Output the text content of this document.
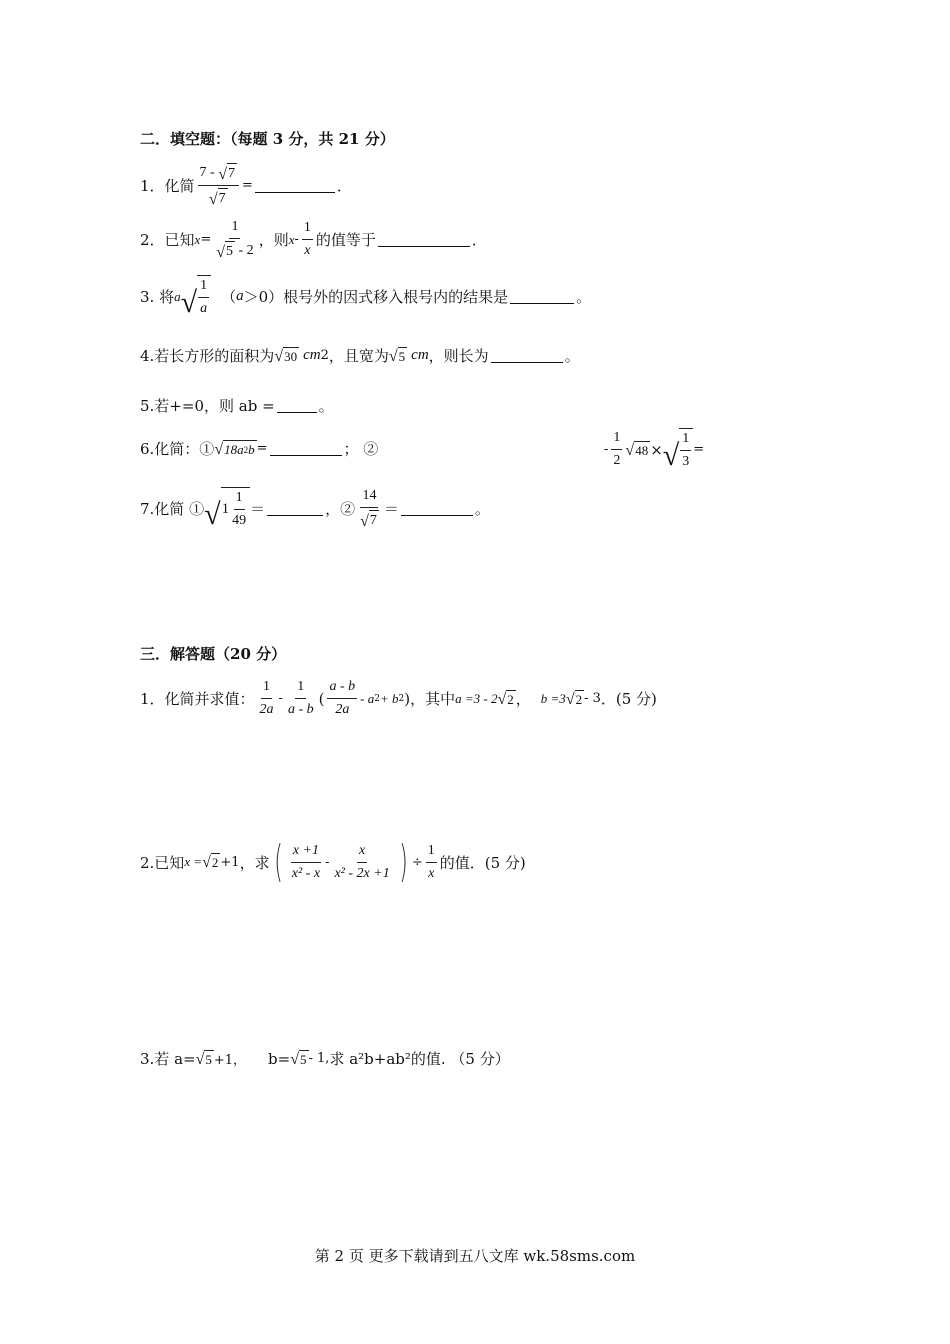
二．填空题：（每题 3 分，共 21 分）
1．化简 $\frac{7 - √ 7}{√ 7}$ =	．
2．已知 $x = \frac{1}{√ 5 - 2}$ ，则 x - $\frac{1}{x}$ 的值等于	．
3. 将 a √ $\frac{1}{a}$ （ a ＞0）根号外的因式移入根号内的结果是	。
4.若长方形的面积为 √ 30 cm 2 ，且宽为 √ 5 cm ，则长为	。
5.若+=0，则 ab =	。
6.化简：① √ 18a 2 b =	； ②	- $\frac{1}{2}$ √ 48 × √ $\frac{1}{3}$ =
7.化简 ① √ $1 \frac{1}{49}$ ＝	，② $\frac{14}{√ 7}$ ＝	。
三．解答题（20 分）
1．化简并求值： $\frac{1}{2a} - \frac{1}{a - b}$ ( $\frac{a - b}{2a}$ - a 2 + b 2 ) ，其中 a =3 - 2 √ 2 ， b =3 √ 2 - 3 ．(5 分)
2.已知 x = √ 2 +1 ，求 ( $\frac{x +1}{\text{x² - x}} - \frac{x}{\text{x² - 2x +1}}$ ) ÷ $\frac{1}{x}$ 的值．(5 分)
3.若 a= √ 5 +1， b= √ 5 - 1, 求 a²b+ab²的值. （5 分）
第 2 页 更多下载请到五八文库 wk.58sms.com
